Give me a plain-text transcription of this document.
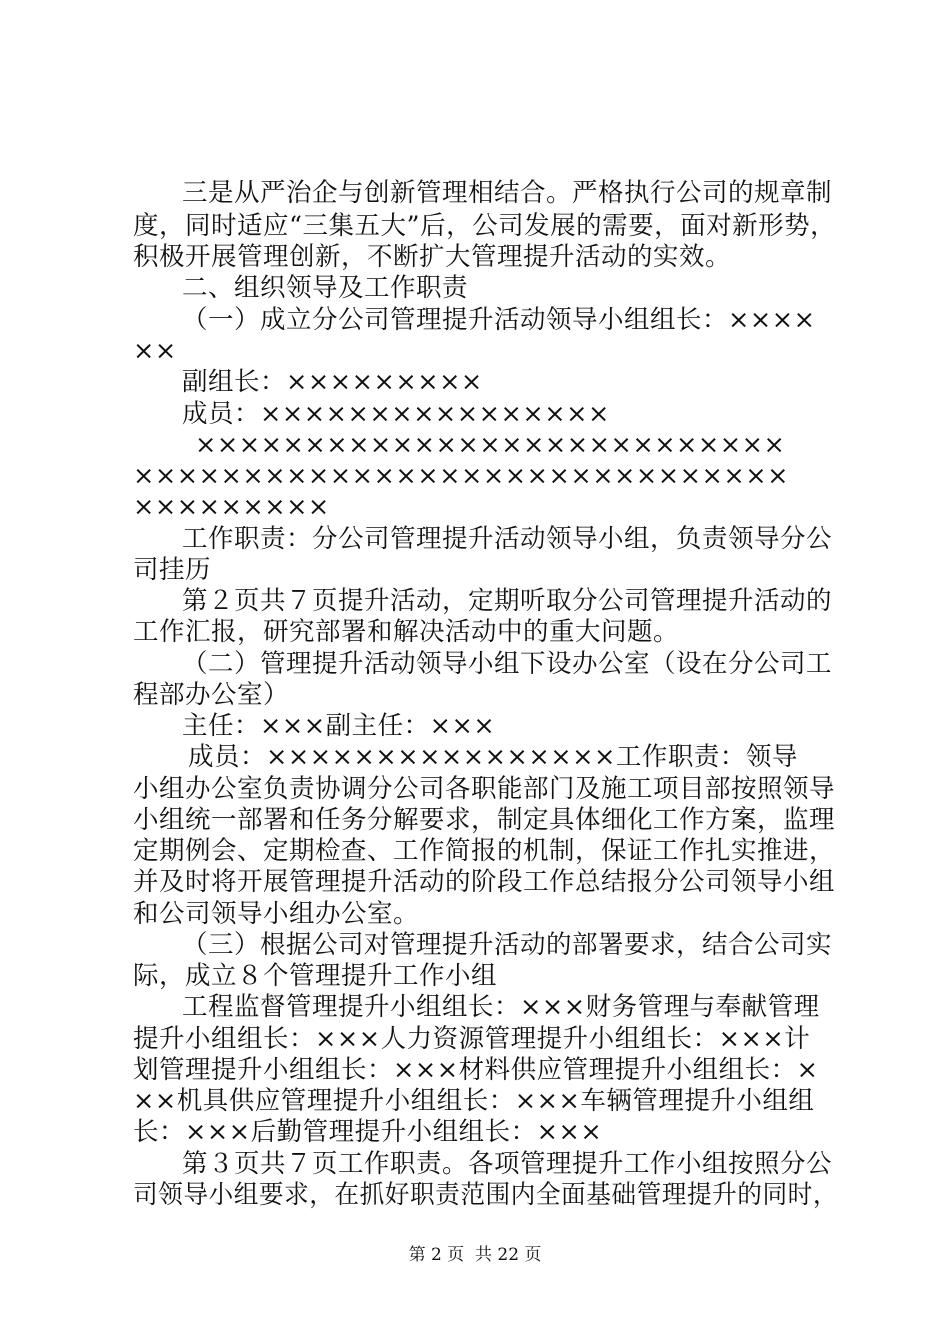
三是从严治企与创新管理相结合。严格执行公司的规章制
度，同时适应“三集五大”后，公司发展的需要，面对新形势，
积极开展管理创新，不断扩大管理提升活动的实效。
二、组织领导及工作职责
（一）成立分公司管理提升活动领导小组组长：××××
××
副组长：×××××××××
成员：××××××××××××××××
×××××××××××××××××××××××××××
××××××××××××××××××××××××××××××
×××××××××
工作职责：分公司管理提升活动领导小组，负责领导分公
司挂历
第２页共７页提升活动，定期听取分公司管理提升活动的
工作汇报，研究部署和解决活动中的重大问题。
（二）管理提升活动领导小组下设办公室（设在分公司工
程部办公室）
主任：×××副主任：×××
成员：××××××××××××××××工作职责：领导
小组办公室负责协调分公司各职能部门及施工项目部按照领导
小组统一部署和任务分解要求，制定具体细化工作方案，监理
定期例会、定期检查、工作简报的机制，保证工作扎实推进，
并及时将开展管理提升活动的阶段工作总结报分公司领导小组
和公司领导小组办公室。
（三）根据公司对管理提升活动的部署要求，结合公司实
际，成立８个管理提升工作小组
工程监督管理提升小组组长：×××财务管理与奉献管理
提升小组组长：×××人力资源管理提升小组组长：×××计
划管理提升小组组长：×××材料供应管理提升小组组长：×
××机具供应管理提升小组组长：×××车辆管理提升小组组
长：×××后勤管理提升小组组长：×××
第３页共７页工作职责。各项管理提升工作小组按照分公
司领导小组要求，在抓好职责范围内全面基础管理提升的同时，
第 2 页  共 22 页
